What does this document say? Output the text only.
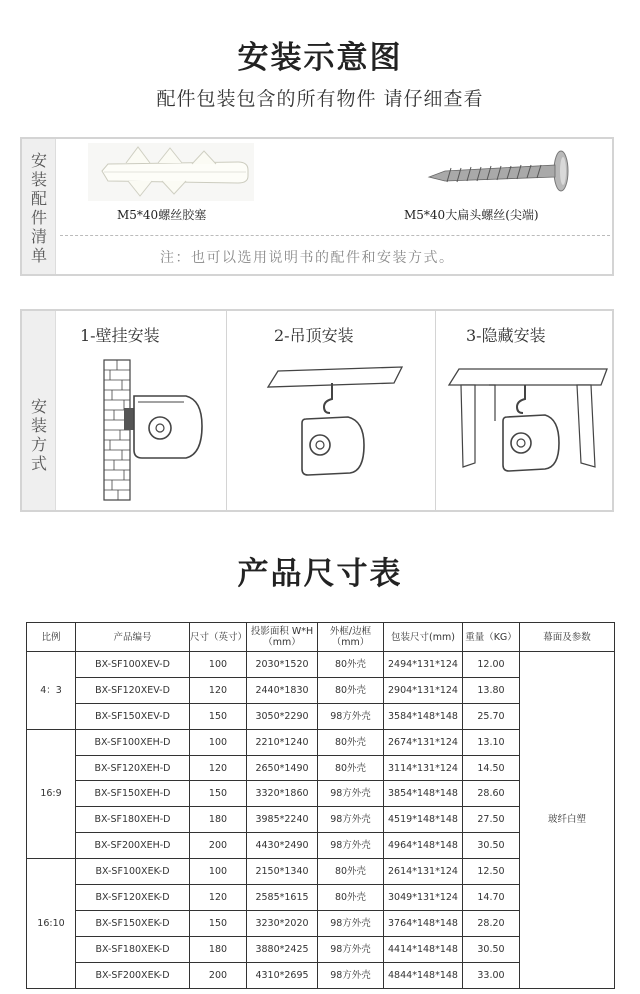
安装示意图
配件包装包含的所有物件 请仔细查看
安装配件清单
M5*40螺丝胶塞	M5*40大扁头螺丝(尖端)
注：也可以选用说明书的配件和安装方式。
安装方式
1-壁挂安装	2-吊顶安装	3-隐藏安装
产品尺寸表
比例	产品编号	尺寸（英寸）	投影面积 W*H（mm）	外框/边框（mm）	包装尺寸(mm)	重量（KG）	幕面及参数
4：3	BX-SF100XEV-D	100	2030*1520	80外壳	2494*131*124	12.00	玻纤白塑
	BX-SF120XEV-D	120	2440*1830	80外壳	2904*131*124	13.80	
	BX-SF150XEV-D	150	3050*2290	98方外壳	3584*148*148	25.70	
16:9	BX-SF100XEH-D	100	2210*1240	80外壳	2674*131*124	13.10	
	BX-SF120XEH-D	120	2650*1490	80外壳	3114*131*124	14.50	
	BX-SF150XEH-D	150	3320*1860	98方外壳	3854*148*148	28.60	
	BX-SF180XEH-D	180	3985*2240	98方外壳	4519*148*148	27.50	
	BX-SF200XEH-D	200	4430*2490	98方外壳	4964*148*148	30.50	
16:10	BX-SF100XEK-D	100	2150*1340	80外壳	2614*131*124	12.50	
	BX-SF120XEK-D	120	2585*1615	80外壳	3049*131*124	14.70	
	BX-SF150XEK-D	150	3230*2020	98方外壳	3764*148*148	28.20	
	BX-SF180XEK-D	180	3880*2425	98方外壳	4414*148*148	30.50	
	BX-SF200XEK-D	200	4310*2695	98方外壳	4844*148*148	33.00	
